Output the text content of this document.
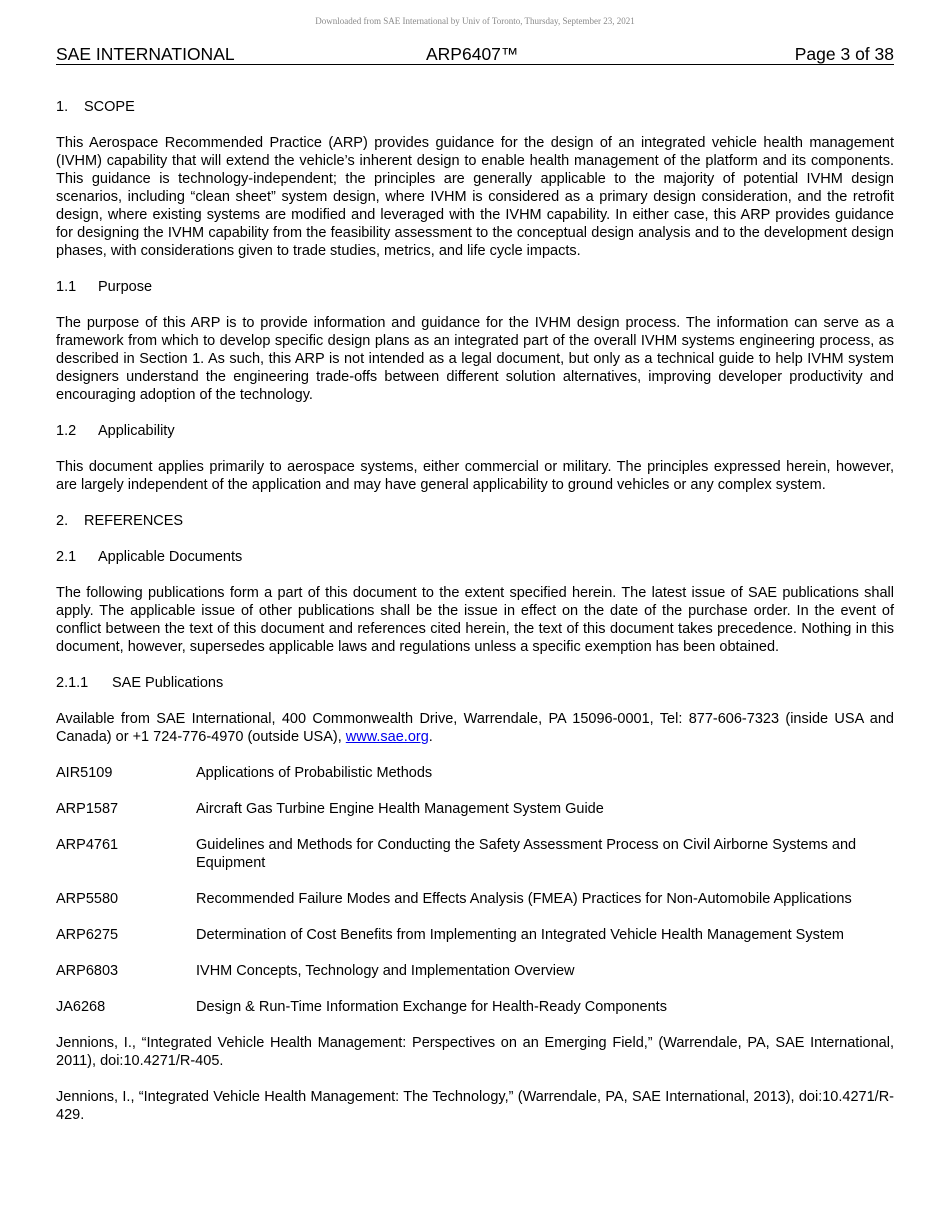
Downloaded from SAE International by Univ of Toronto, Thursday, September 23, 2021
SAE INTERNATIONAL	ARP6407™	Page 3 of 38
1.	SCOPE

This Aerospace Recommended Practice (ARP) provides guidance for the design of an integrated vehicle health management (IVHM) capability that will extend the vehicle’s inherent design to enable health management of the platform and its components. This guidance is technology-independent; the principles are generally applicable to the majority of potential IVHM design scenarios, including “clean sheet” system design, where IVHM is considered as a primary design consideration, and the retrofit design, where existing systems are modified and leveraged with the IVHM capability. In either case, this ARP provides guidance for designing the IVHM capability from the feasibility assessment to the conceptual design analysis and to the development design phases, with considerations given to trade studies, metrics, and life cycle impacts.

1.1	Purpose

The purpose of this ARP is to provide information and guidance for the IVHM design process. The information can serve as a framework from which to develop specific design plans as an integrated part of the overall IVHM systems engineering process, as described in Section 1. As such, this ARP is not intended as a legal document, but only as a technical guide to help IVHM system designers understand the engineering trade-offs between different solution alternatives, improving developer productivity and encouraging adoption of the technology.

1.2	Applicability

This document applies primarily to aerospace systems, either commercial or military. The principles expressed herein, however, are largely independent of the application and may have general applicability to ground vehicles or any complex system.

2.	REFERENCES
2.1	Applicable Documents

The following publications form a part of this document to the extent specified herein. The latest issue of SAE publications shall apply. The applicable issue of other publications shall be the issue in effect on the date of the purchase order. In the event of conflict between the text of this document and references cited herein, the text of this document takes precedence. Nothing in this document, however, supersedes applicable laws and regulations unless a specific exemption has been obtained.

2.1.1	SAE Publications

Available from SAE International, 400 Commonwealth Drive, Warrendale, PA 15096-0001, Tel: 877-606-7323 (inside USA and Canada) or +1 724-776-4970 (outside USA), www.sae.org.

AIR5109	Applications of Probabilistic Methods
ARP1587	Aircraft Gas Turbine Engine Health Management System Guide
ARP4761	Guidelines and Methods for Conducting the Safety Assessment Process on Civil Airborne Systems and Equipment
ARP5580	Recommended Failure Modes and Effects Analysis (FMEA) Practices for Non-Automobile Applications
ARP6275	Determination of Cost Benefits from Implementing an Integrated Vehicle Health Management System
ARP6803	IVHM Concepts, Technology and Implementation Overview
JA6268	Design & Run-Time Information Exchange for Health-Ready Components

Jennions, I., “Integrated Vehicle Health Management: Perspectives on an Emerging Field,” (Warrendale, PA, SAE International, 2011), doi:10.4271/R-405.

Jennions, I., “Integrated Vehicle Health Management: The Technology,” (Warrendale, PA, SAE International, 2013), doi:10.4271/R-429.
